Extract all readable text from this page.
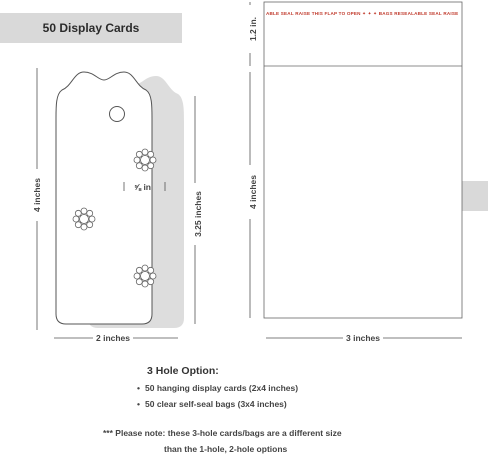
50 Display Cards
ABLE SEAL RAISE THIS FLAP TO OPEN ✦ ✦ ✦ BAGS RESEALABLE SEAL RAISE
4 inches	3.25 inches
2 inches
⅝ in
1.2 in.
4 inches
3 inches
3 Hole Option:
• 50 hanging display cards (2x4 inches)
• 50 clear self-seal bags (3x4 inches)
*** Please note: these 3-hole cards/bags are a different size
than the 1-hole, 2-hole options
